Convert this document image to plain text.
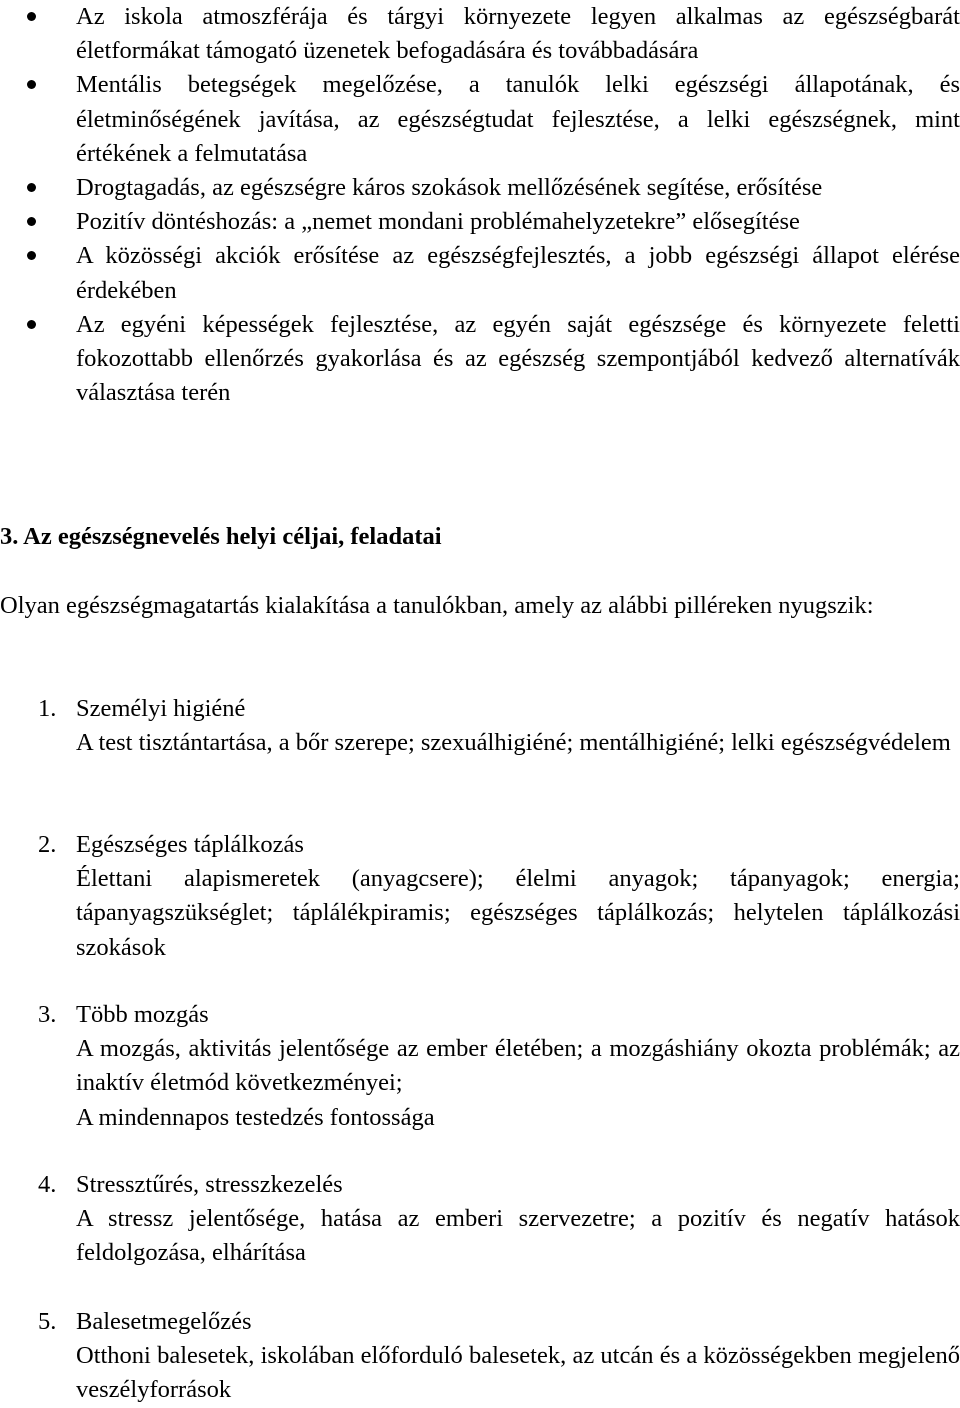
Az iskola atmoszférája és tárgyi környezete legyen alkalmas az egészségbarát életformákat támogató üzenetek befogadására és továbbadására
Mentális betegségek megelőzése, a tanulók lelki egészségi állapotának, és életminőségének javítása, az egészségtudat fejlesztése, a lelki egészségnek, mint értékének a felmutatása
Drogtagadás, az egészségre káros szokások mellőzésének segítése, erősítése
Pozitív döntéshozás: a „nemet mondani problémahelyzetekre” elősegítése
A közösségi akciók erősítése az egészségfejlesztés, a jobb egészségi állapot elérése érdekében
Az egyéni képességek fejlesztése, az egyén saját egészsége és környezete feletti fokozottabb ellenőrzés gyakorlása és az egészség szempontjából kedvező alternatívák választása terén
3. Az egészségnevelés helyi céljai, feladatai

Olyan egészségmagatartás kialakítása a tanulókban, amely az alábbi pilléreken nyugszik:

1. Személyi higiéné
A test tisztántartása, a bőr szerepe; szexuálhigiéné; mentálhigiéné; lelki egészségvédelem
2. Egészséges táplálkozás
Élettani alapismeretek (anyagcsere); élelmi anyagok; tápanyagok; energia; tápanyagszükséglet; táplálékpiramis; egészséges táplálkozás; helytelen táplálkozási szokások
3. Több mozgás
A mozgás, aktivitás jelentősége az ember életében; a mozgáshiány okozta problémák; az inaktív életmód következményei;
A mindennapos testedzés fontossága
4. Stressztűrés, stresszkezelés
A stressz jelentősége, hatása az emberi szervezetre; a pozitív és negatív hatások feldolgozása, elhárítása
5. Balesetmegelőzés
Otthoni balesetek, iskolában előforduló balesetek, az utcán és a közösségekben megjelenő veszélyforrások
